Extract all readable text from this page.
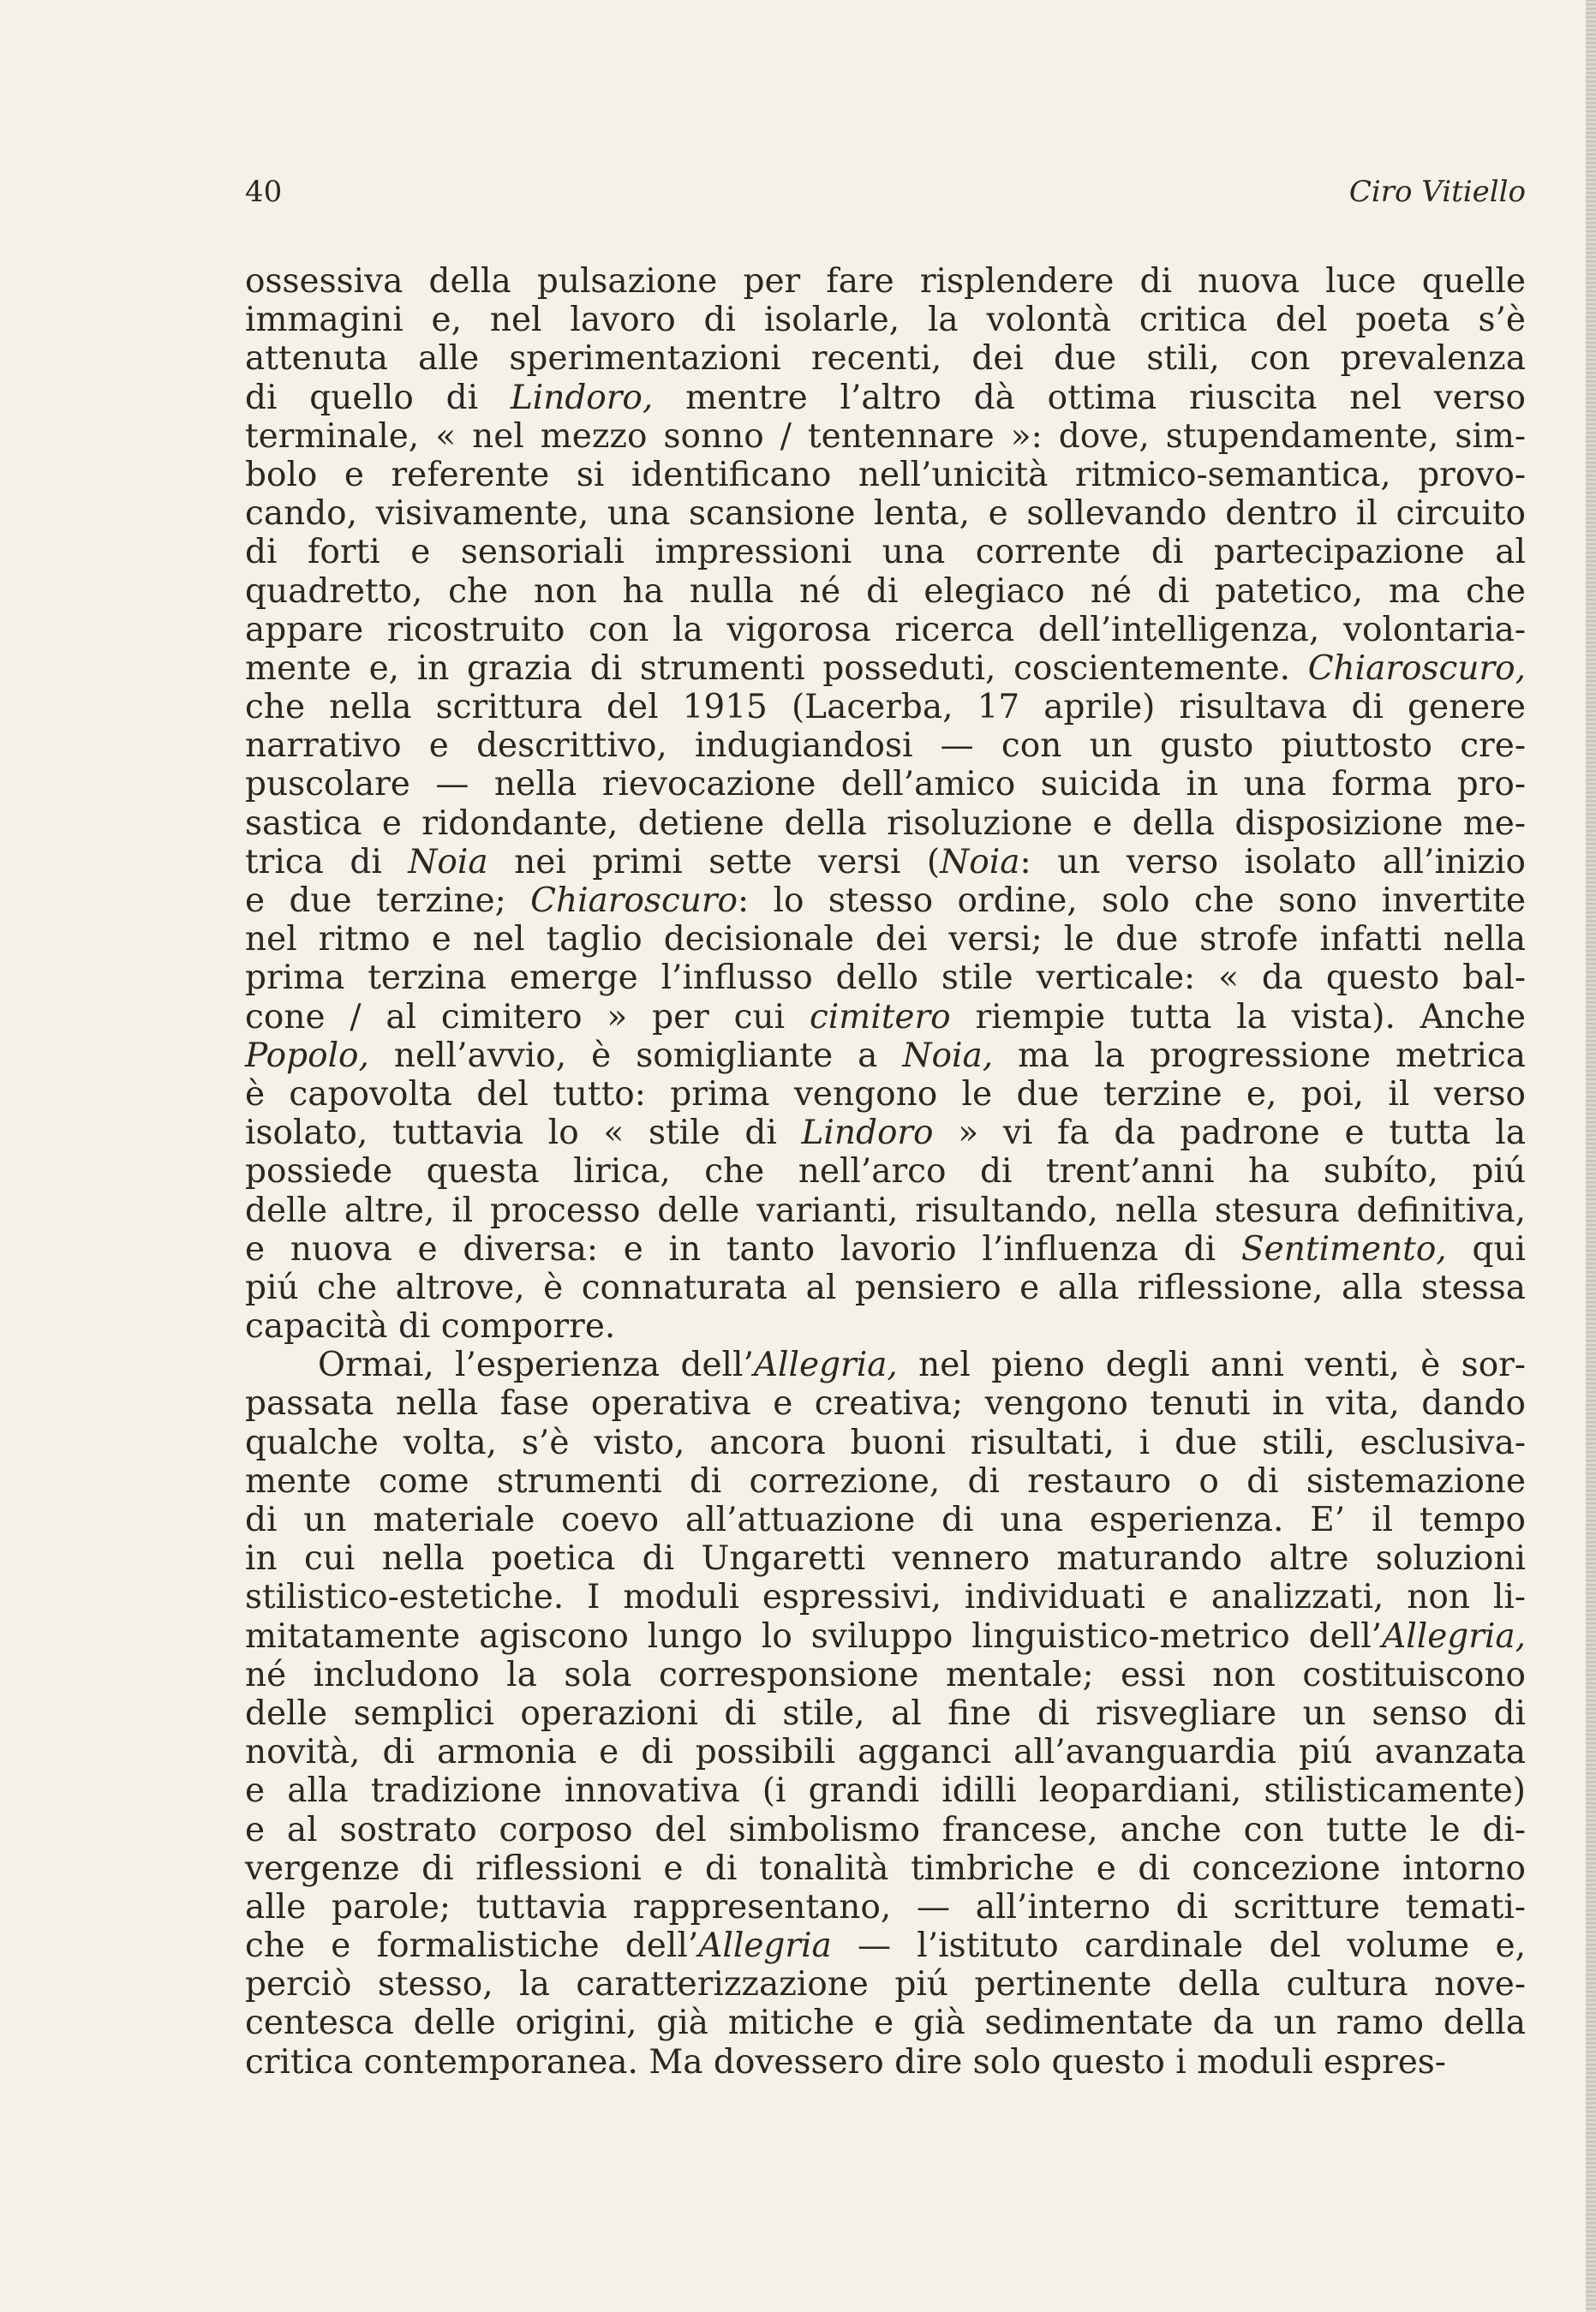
40	Ciro Vitiello
ossessiva della pulsazione per fare risplendere di nuova luce quelle
immagini e, nel lavoro di isolarle, la volontà critica del poeta s’è
attenuta alle sperimentazioni recenti, dei due stili, con prevalenza
di quello di Lindoro, mentre l’altro dà ottima riuscita nel verso
terminale, « nel mezzo sonno / tentennare »: dove, stupendamente, sim-
bolo e referente si identificano nell’unicità ritmico-semantica, provo-
cando, visivamente, una scansione lenta, e sollevando dentro il circuito
di forti e sensoriali impressioni una corrente di partecipazione al
quadretto, che non ha nulla né di elegiaco né di patetico, ma che
appare ricostruito con la vigorosa ricerca dell’intelligenza, volontaria-
mente e, in grazia di strumenti posseduti, coscientemente. Chiaroscuro,
che nella scrittura del 1915 (Lacerba, 17 aprile) risultava di genere
narrativo e descrittivo, indugiandosi — con un gusto piuttosto cre-
puscolare — nella rievocazione dell’amico suicida in una forma pro-
sastica e ridondante, detiene della risoluzione e della disposizione me-
trica di Noia nei primi sette versi (Noia: un verso isolato all’inizio
e due terzine; Chiaroscuro: lo stesso ordine, solo che sono invertite
nel ritmo e nel taglio decisionale dei versi; le due strofe infatti nella
prima terzina emerge l’influsso dello stile verticale: « da questo bal-
cone / al cimitero » per cui cimitero riempie tutta la vista). Anche
Popolo, nell’avvio, è somigliante a Noia, ma la progressione metrica
è capovolta del tutto: prima vengono le due terzine e, poi, il verso
isolato, tuttavia lo « stile di Lindoro » vi fa da padrone e tutta la
possiede questa lirica, che nell’arco di trent’anni ha subíto, piú
delle altre, il processo delle varianti, risultando, nella stesura definitiva,
e nuova e diversa: e in tanto lavorio l’influenza di Sentimento, qui
piú che altrove, è connaturata al pensiero e alla riflessione, alla stessa
capacità di comporre.
Ormai, l’esperienza dell’Allegria, nel pieno degli anni venti, è sor-
passata nella fase operativa e creativa; vengono tenuti in vita, dando
qualche volta, s’è visto, ancora buoni risultati, i due stili, esclusiva-
mente come strumenti di correzione, di restauro o di sistemazione
di un materiale coevo all’attuazione di una esperienza. E’ il tempo
in cui nella poetica di Ungaretti vennero maturando altre soluzioni
stilistico-estetiche. I moduli espressivi, individuati e analizzati, non li-
mitatamente agiscono lungo lo sviluppo linguistico-metrico dell’Allegria,
né includono la sola corresponsione mentale; essi non costituiscono
delle semplici operazioni di stile, al fine di risvegliare un senso di
novità, di armonia e di possibili agganci all’avanguardia piú avanzata
e alla tradizione innovativa (i grandi idilli leopardiani, stilisticamente)
e al sostrato corposo del simbolismo francese, anche con tutte le di-
vergenze di riflessioni e di tonalità timbriche e di concezione intorno
alle parole; tuttavia rappresentano, — all’interno di scritture temati-
che e formalistiche dell’Allegria — l’istituto cardinale del volume e,
perciò stesso, la caratterizzazione piú pertinente della cultura nove-
centesca delle origini, già mitiche e già sedimentate da un ramo della
critica contemporanea. Ma dovessero dire solo questo i moduli espres-
